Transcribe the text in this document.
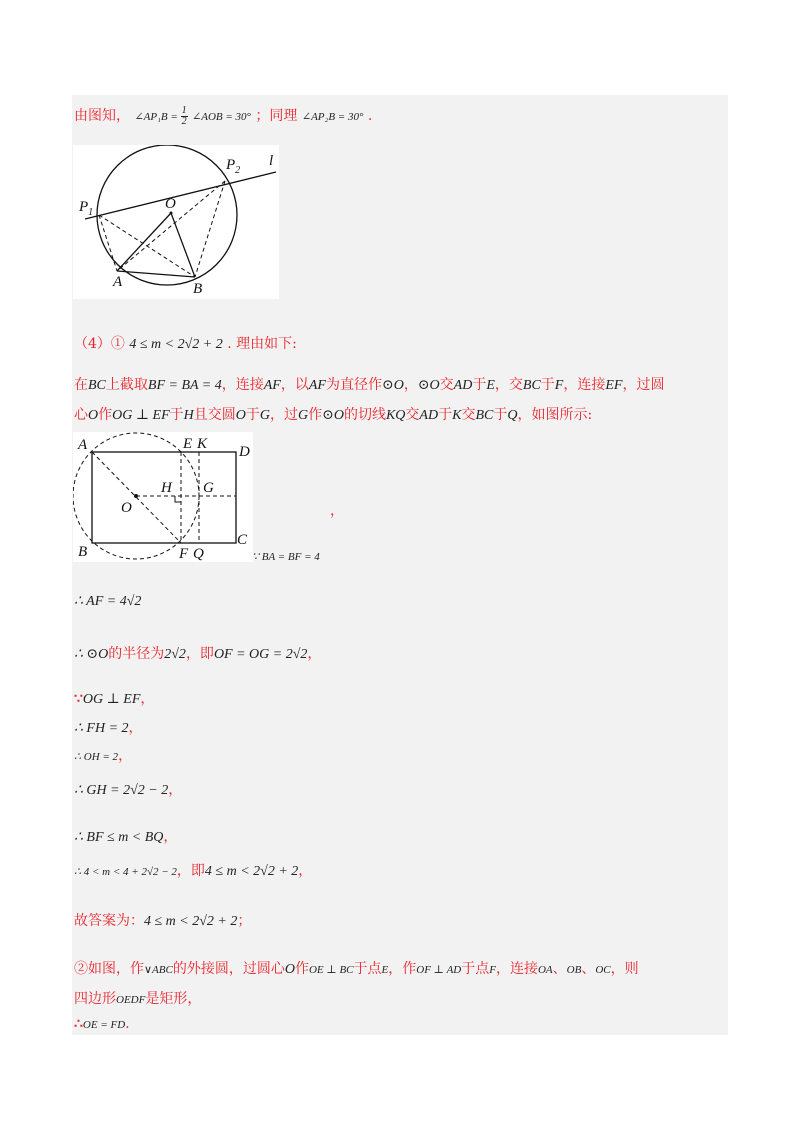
由图知， ∠AP₁B = $\frac{1}{2}$ ∠AOB = 30° ；同理 ∠AP₂B = 30° .
$P_1$
$P_2$
O
A	B
l
（4）① 4 ≤ m < 2√2 + 2 . 理由如下:
在BC上截取BF = BA = 4，连接AF，以AF为直径作⊙O，⊙O交AD于E，交BC于F，连接EF，过圆
心O作OG ⊥ EF于H且交圆O于G，过G作⊙O的切线KQ交AD于K交BC于Q，如图所示:
A	E K D
H G
O
B	F Q
C
，
∵ BA = BF = 4
∴ AF = 4√2
∴ ⊙O的半径为2√2，即OF = OG = 2√2，
∵OG ⊥ EF，
∴ FH = 2，
∴ OH = 2，
∴ GH = 2√2 − 2，
∴ BF ≤ m < BQ，
∴ 4 < m < 4 + 2√2 − 2，即4 ≤ m < 2√2 + 2，
故答案为：4 ≤ m < 2√2 + 2；
②如图，作∨ABC的外接圆，过圆心O作OE ⊥ BC于点E，作OF ⊥ AD于点F，连接OA、OB、OC，则
四边形OEDF是矩形，
∴OE = FD.
